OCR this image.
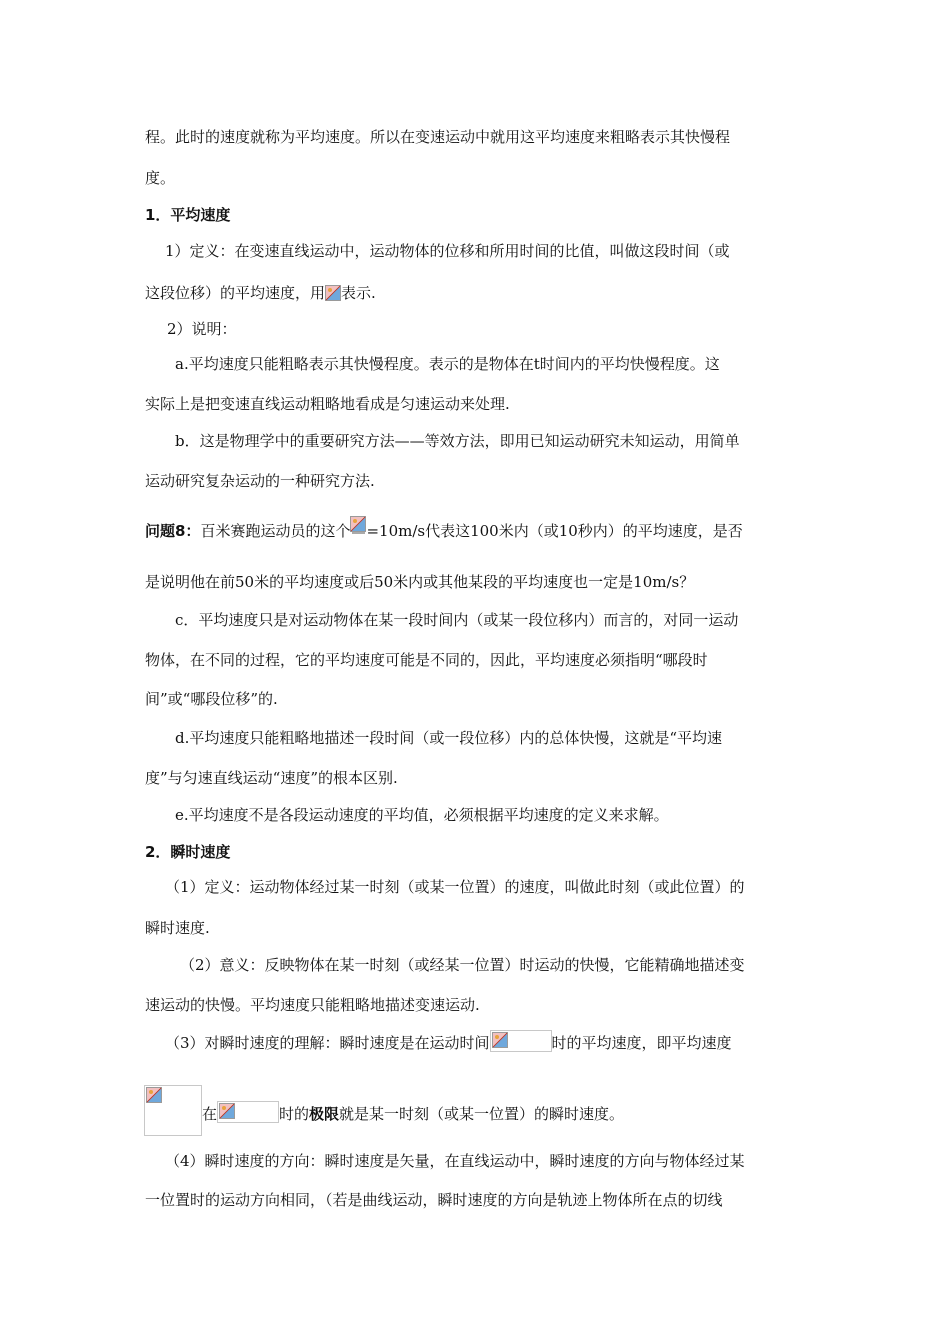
程。此时的速度就称为平均速度。所以在变速运动中就用这平均速度来粗略表示其快慢程
度。
1．平均速度
1）定义：在变速直线运动中，运动物体的位移和所用时间的比值，叫做这段时间（或
这段位移）的平均速度，用 表示.
2）说明：
a.平均速度只能粗略表示其快慢程度。表示的是物体在t时间内的平均快慢程度。这
实际上是把变速直线运动粗略地看成是匀速运动来处理.
b．这是物理学中的重要研究方法——等效方法，即用已知运动研究未知运动，用简单
运动研究复杂运动的一种研究方法.
问题8：百米赛跑运动员的这个 =10m/s代表这100米内（或10秒内）的平均速度，是否
是说明他在前50米的平均速度或后50米内或其他某段的平均速度也一定是10m/s？
c．平均速度只是对运动物体在某一段时间内（或某一段位移内）而言的，对同一运动
物体，在不同的过程，它的平均速度可能是不同的，因此，平均速度必须指明“哪段时
间”或“哪段位移”的.
d.平均速度只能粗略地描述一段时间（或一段位移）内的总体快慢，这就是“平均速
度”与匀速直线运动“速度”的根本区别.
e.平均速度不是各段运动速度的平均值，必须根据平均速度的定义来求解。
2．瞬时速度
（1）定义：运动物体经过某一时刻（或某一位置）的速度，叫做此时刻（或此位置）的
瞬时速度.
（2）意义：反映物体在某一时刻（或经某一位置）时运动的快慢，它能精确地描述变
速运动的快慢。平均速度只能粗略地描述变速运动.
（3）对瞬时速度的理解：瞬时速度是在运动时间	时的平均速度，即平均速度
在	时的极限就是某一时刻（或某一位置）的瞬时速度。
（4）瞬时速度的方向：瞬时速度是矢量，在直线运动中，瞬时速度的方向与物体经过某
一位置时的运动方向相同，（若是曲线运动，瞬时速度的方向是轨迹上物体所在点的切线
